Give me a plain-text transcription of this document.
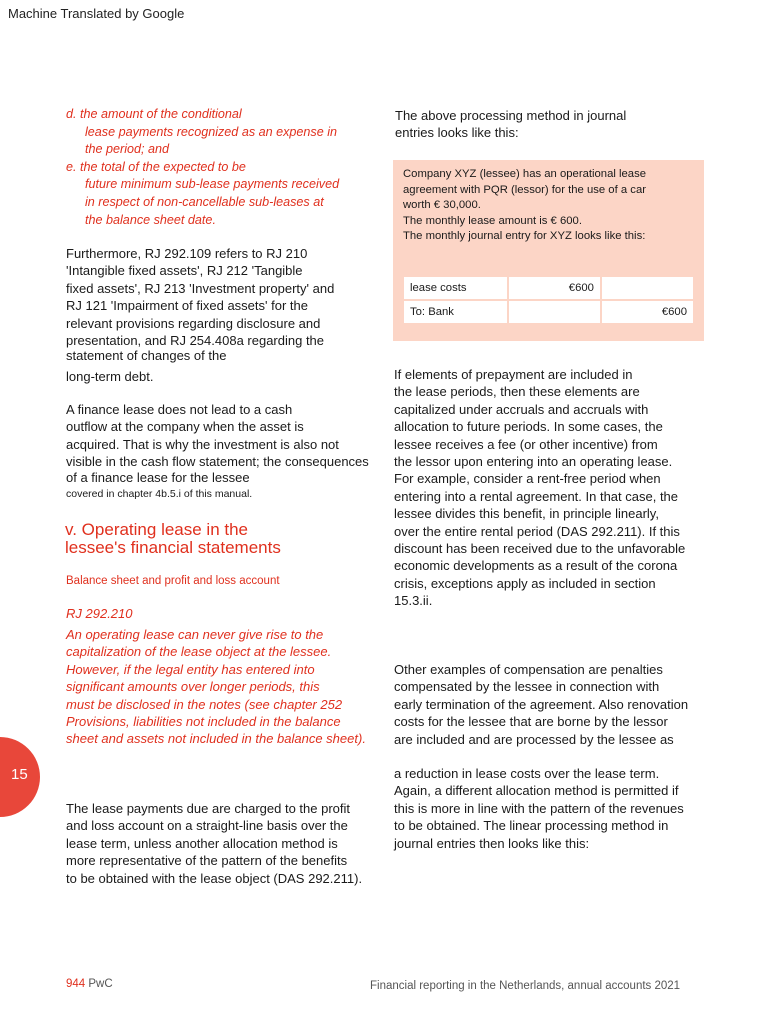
Machine Translated by Google
d. the amount of the conditional
lease payments recognized as an expense in
the period; and
e. the total of the expected to be
future minimum sub-lease payments received
in respect of non-cancellable sub-leases at
the balance sheet date.
Furthermore, RJ 292.109 refers to RJ 210
'Intangible fixed assets', RJ 212 'Tangible
fixed assets', RJ 213 'Investment property' and
RJ 121 'Impairment of fixed assets' for the
relevant provisions regarding disclosure and
presentation, and RJ 254.408a regarding the
statement of changes of the
long-term debt.
A finance lease does not lead to a cash
outflow at the company when the asset is
acquired. That is why the investment is also not
visible in the cash flow statement; the consequences
of a finance lease for the lessee
covered in chapter 4b.5.i of this manual.
v. Operating lease in the
lessee's financial statements
Balance sheet and profit and loss account
RJ 292.210
An operating lease can never give rise to the
capitalization of the lease object at the lessee.
However, if the legal entity has entered into
significant amounts over longer periods, this
must be disclosed in the notes (see chapter 252
Provisions, liabilities not included in the balance
sheet and assets not included in the balance sheet).
The lease payments due are charged to the profit
and loss account on a straight-line basis over the
lease term, unless another allocation method is
more representative of the pattern of the benefits
to be obtained with the lease object (DAS 292.211).
The above processing method in journal
entries looks like this:
Company XYZ (lessee) has an operational lease
agreement with PQR (lessor) for the use of a car
worth € 30,000.
The monthly lease amount is € 600.
The monthly journal entry for XYZ looks like this:
lease costs	€600	
To: Bank		€600
If elements of prepayment are included in
the lease periods, then these elements are
capitalized under accruals and accruals with
allocation to future periods. In some cases, the
lessee receives a fee (or other incentive) from
the lessor upon entering into an operating lease.
For example, consider a rent-free period when
entering into a rental agreement. In that case, the
lessee divides this benefit, in principle linearly,
over the entire rental period (DAS 292.211). If this
discount has been received due to the unfavorable
economic developments as a result of the corona
crisis, exceptions apply as included in section
15.3.ii.
Other examples of compensation are penalties
compensated by the lessee in connection with
early termination of the agreement. Also renovation
costs for the lessee that are borne by the lessor
are included and are processed by the lessee as
a reduction in lease costs over the lease term.
Again, a different allocation method is permitted if
this is more in line with the pattern of the revenues
to be obtained. The linear processing method in
journal entries then looks like this:
15
944 PwC	Financial reporting in the Netherlands, annual accounts 2021
